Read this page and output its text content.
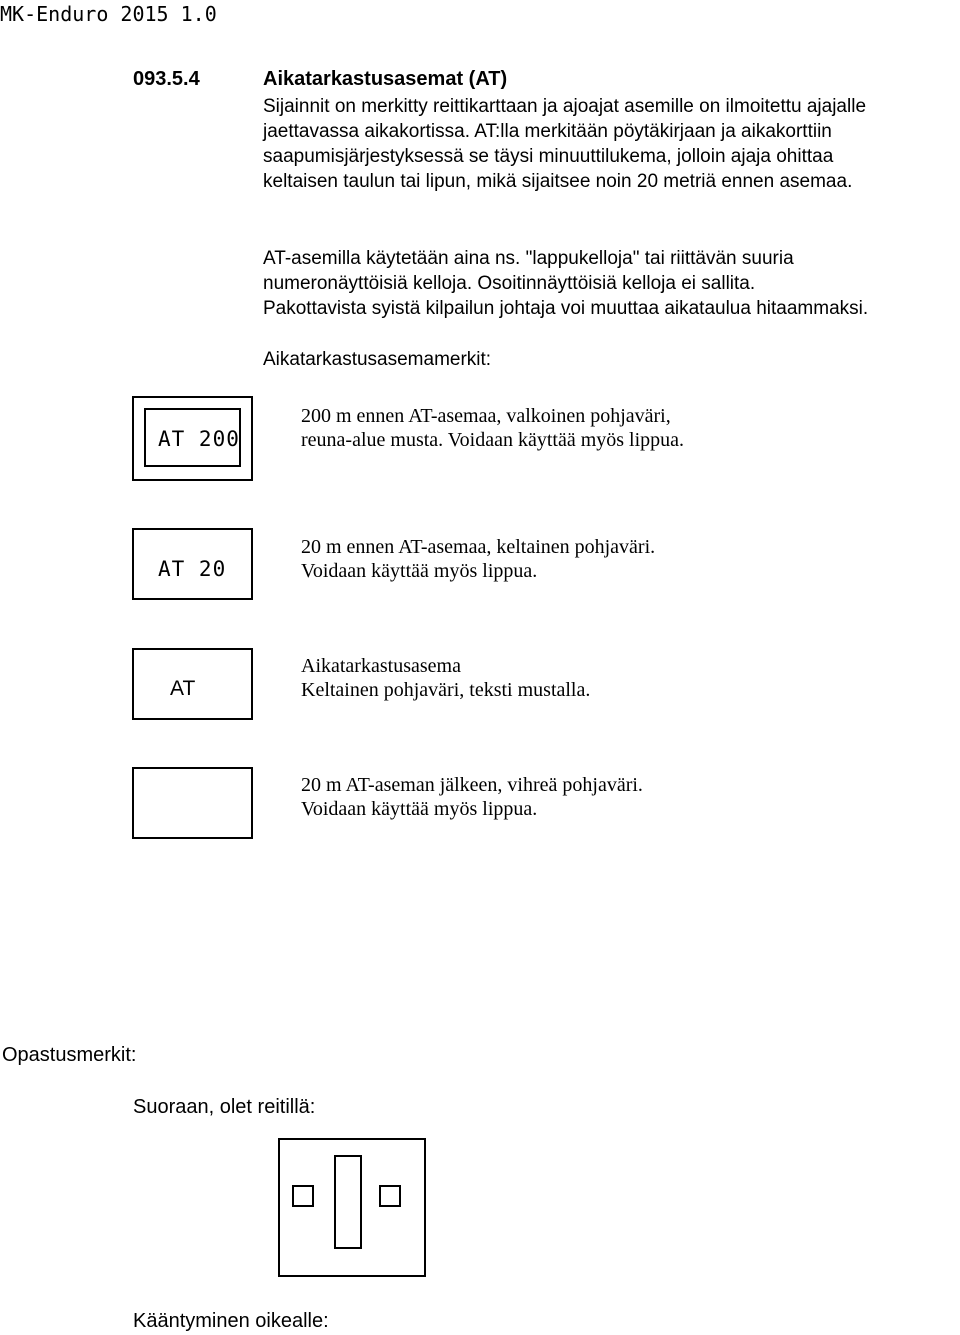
MK-Enduro 2015 1.0
093.5.4	Aikatarkastusasemat (AT)
Sijainnit on merkitty reittikarttaan ja ajoajat asemille on ilmoitettu ajajalle
jaettavassa aikakortissa. AT:lla merkitään pöytäkirjaan ja aikakorttiin
saapumisjärjestyksessä se täysi minuuttilukema, jolloin ajaja ohittaa
keltaisen taulun tai lipun, mikä sijaitsee noin 20 metriä ennen asemaa.
AT-asemilla käytetään aina ns. "lappukelloja" tai riittävän suuria
numeronäyttöisiä kelloja. Osoitinnäyttöisiä kelloja ei sallita.
Pakottavista syistä kilpailun johtaja voi muuttaa aikataulua hitaammaksi.
Aikatarkastusasemamerkit:
AT 200
200 m ennen AT-asemaa, valkoinen pohjaväri,
reuna-alue musta. Voidaan käyttää myös lippua.
AT 20
20 m ennen AT-asemaa, keltainen pohjaväri.
Voidaan käyttää myös lippua.
AT
Aikatarkastusasema
Keltainen pohjaväri, teksti mustalla.
20 m AT-aseman jälkeen, vihreä pohjaväri.
Voidaan käyttää myös lippua.
Opastusmerkit:
Suoraan, olet reitillä:
Kääntyminen oikealle:
